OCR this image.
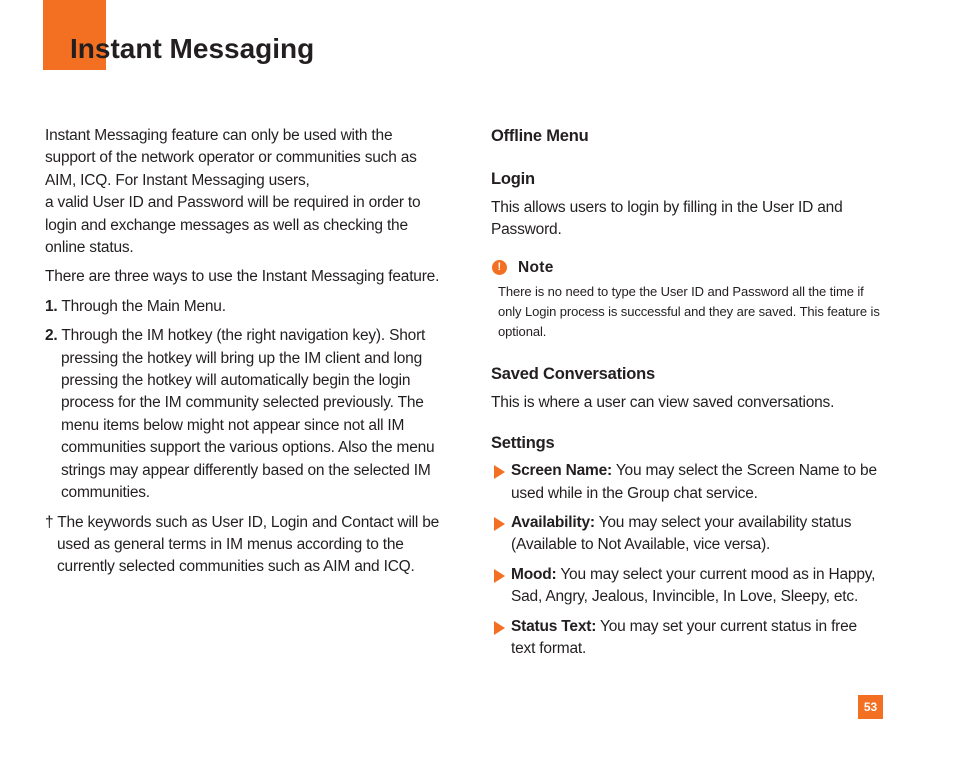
Instant Messaging

Instant Messaging feature can only be used with the support of the network operator or communities such as AIM, ICQ. For Instant Messaging users,

a valid User ID and Password will be required in order to login and exchange messages as well as checking the online status.

There are three ways to use the Instant Messaging feature.

1. Through the Main Menu.

2. Through the IM hotkey (the right navigation key). Short pressing the hotkey will bring up the IM client and long pressing the hotkey will automatically begin the login process for the IM community selected previously. The menu items below might not appear since not all IM communities support the various options. Also the menu strings may appear differently based on the selected IM communities.

† The keywords such as User ID, Login and Contact will be used as general terms in IM menus according to the currently selected communities such as AIM and ICQ.

Offline Menu
Login

This allows users to login by filling in the User ID and Password.

!	Note

There is no need to type the User ID and Password all the time if only Login process is successful and they are saved. This feature is optional.

Saved Conversations

This is where a user can view saved conversations.

Settings
Screen Name: You may select the Screen Name to be used while in the Group chat service.
Availability: You may select your availability status (Available to Not Available, vice versa).
Mood: You may select your current mood as in Happy, Sad, Angry, Jealous, Invincible, In Love, Sleepy, etc.
Status Text: You may set your current status in free text format.
53
